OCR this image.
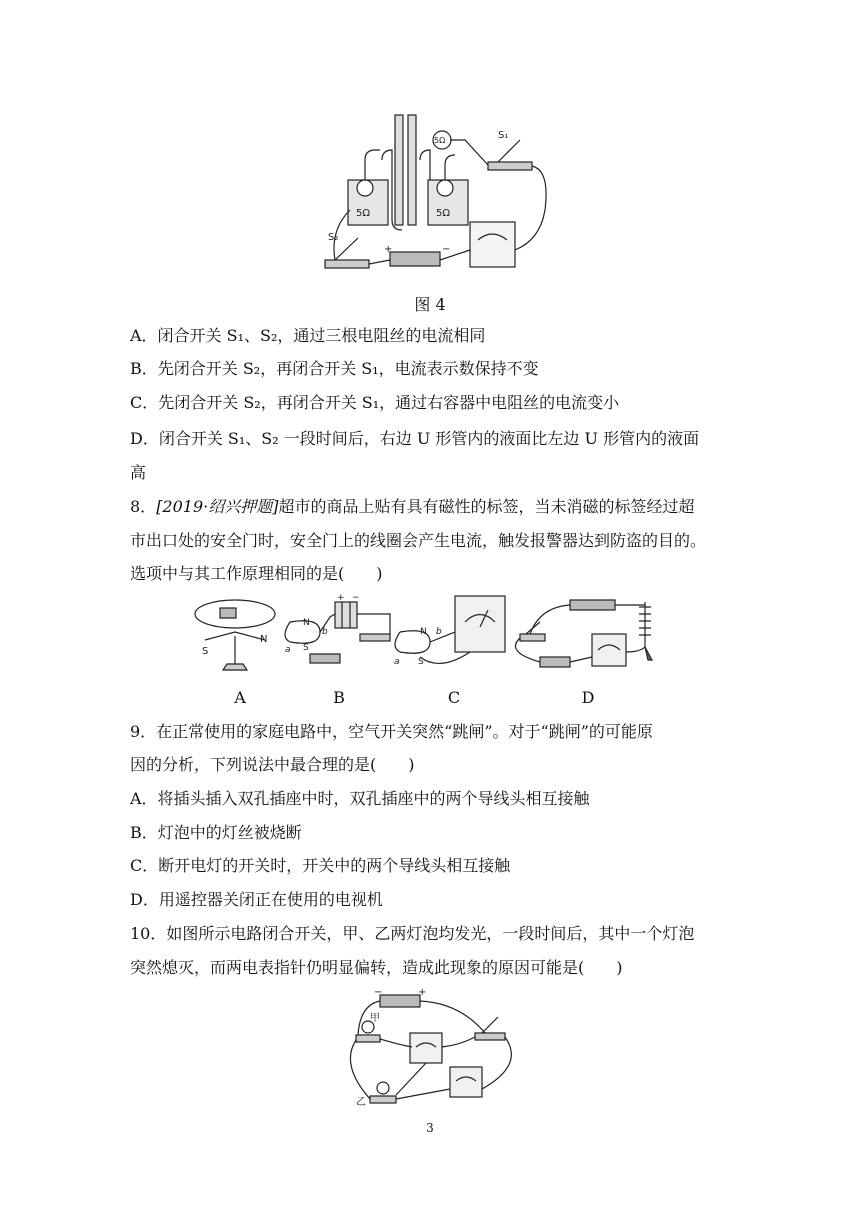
S₁
S₂
5Ω
5Ω	5Ω
+	−
图 4
A．闭合开关 S₁、S₂，通过三根电阻丝的电流相同
B．先闭合开关 S₂，再闭合开关 S₁，电流表示数保持不变
C．先闭合开关 S₂，再闭合开关 S₁，通过右容器中电阻丝的电流变小
D．闭合开关 S₁、S₂ 一段时间后，右边 U 形管内的液面比左边 U 形管内的液面
高
8．[2019·绍兴押题]超市的商品上贴有具有磁性的标签，当未消磁的标签经过超
市出口处的安全门时，安全门上的线圈会产生电流，触发报警器达到防盗的目的。
选项中与其工作原理相同的是(　　)
S
N
N
S
a
b
+ −
N
S
a
b
A	B	C	D
9．在正常使用的家庭电路中，空气开关突然“跳闸”。对于“跳闸”的可能原
因的分析，下列说法中最合理的是(　　)
A．将插头插入双孔插座中时，双孔插座中的两个导线头相互接触
B．灯泡中的灯丝被烧断
C．断开电灯的开关时，开关中的两个导线头相互接触
D．用遥控器关闭正在使用的电视机
10．如图所示电路闭合开关，甲、乙两灯泡均发光，一段时间后，其中一个灯泡
突然熄灭，而两电表指针仍明显偏转，造成此现象的原因可能是(　　)
−	+
甲
乙
3
